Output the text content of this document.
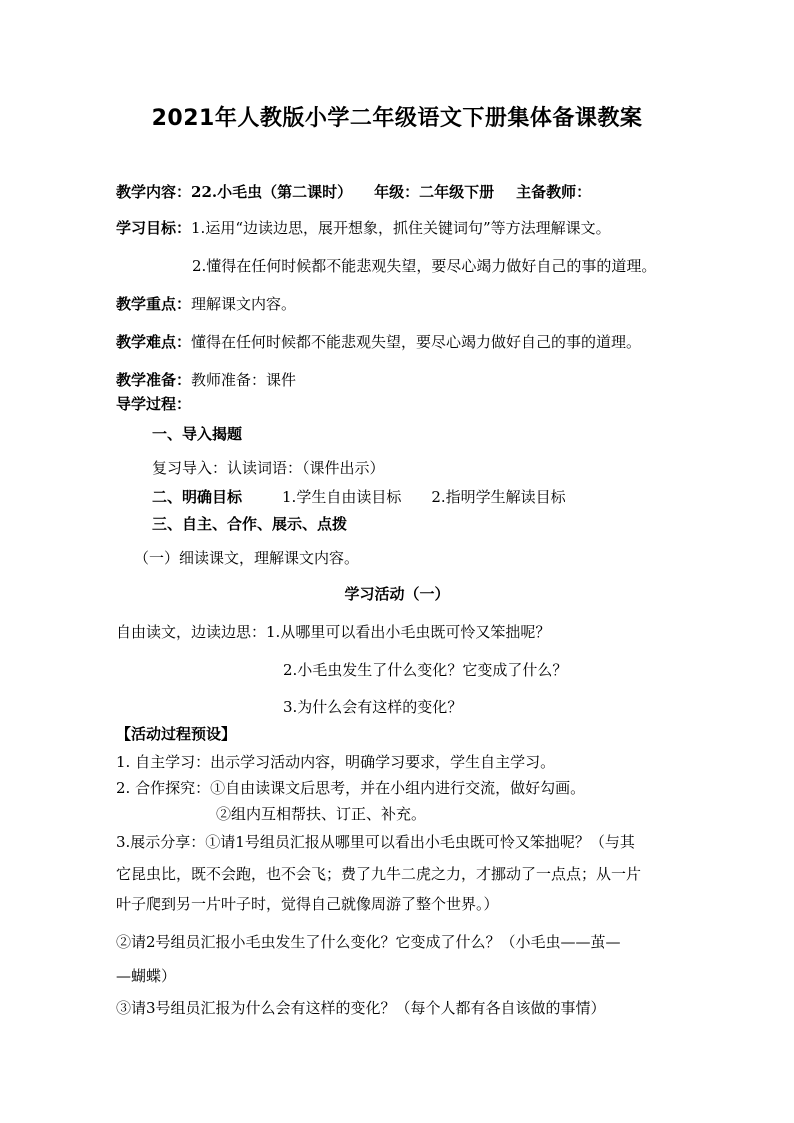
2021年人教版小学二年级语文下册集体备课教案
教学内容：22.小毛虫（第二课时） 年级：二年级下册 主备教师：
学习目标：1.运用“边读边思，展开想象，抓住关键词句”等方法理解课文。
2.懂得在任何时候都不能悲观失望，要尽心竭力做好自己的事的道理。
教学重点：理解课文内容。
教学难点：懂得在任何时候都不能悲观失望，要尽心竭力做好自己的事的道理。
教学准备：教师准备：课件
导学过程：
一、导入揭题
复习导入：认读词语：（课件出示）
二、明确目标	1.学生自由读目标 2.指明学生解读目标
三、自主、合作、展示、点拨
（一）细读课文，理解课文内容。
学习活动（一）
自由读文，边读边思：1.从哪里可以看出小毛虫既可怜又笨拙呢？
2.小毛虫发生了什么变化？它变成了什么？
3.为什么会有这样的变化？
【活动过程预设】
1. 自主学习：出示学习活动内容，明确学习要求，学生自主学习。
2. 合作探究：①自由读课文后思考，并在小组内进行交流，做好勾画。
②组内互相帮扶、订正、补充。
3.展示分享：①请1号组员汇报从哪里可以看出小毛虫既可怜又笨拙呢？（与其
它昆虫比，既不会跑，也不会飞；费了九牛二虎之力，才挪动了一点点；从一片
叶子爬到另一片叶子时，觉得自己就像周游了整个世界。）
②请2号组员汇报小毛虫发生了什么变化？它变成了什么？（小毛虫——茧—
—蝴蝶）
③请3号组员汇报为什么会有这样的变化？（每个人都有各自该做的事情）
